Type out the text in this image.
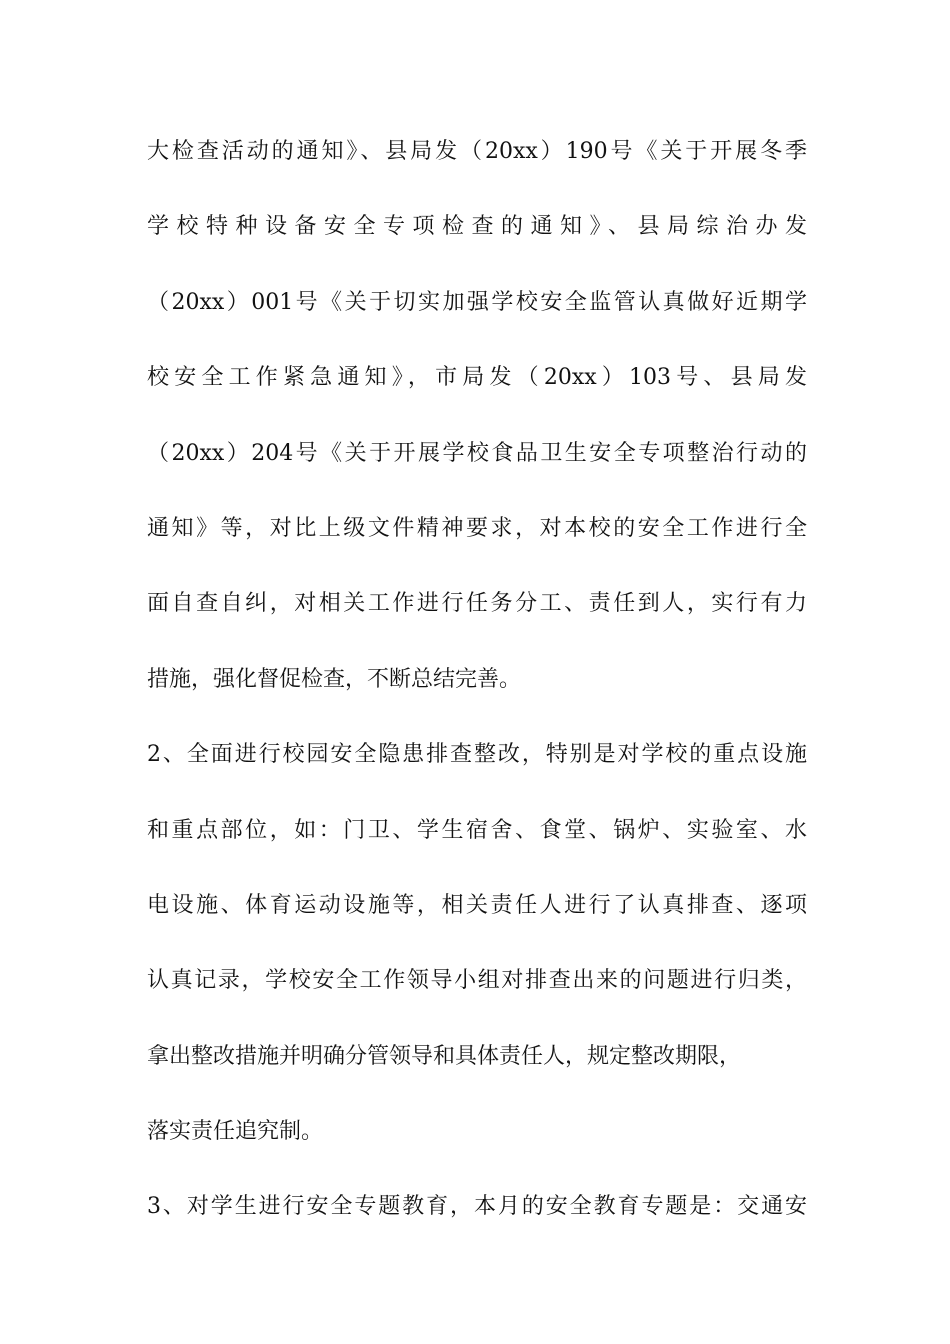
大检查活动的通知》、县局发（20xx）190号《关于开展冬季
学校特种设备安全专项检查的通知》、县局综治办发
（20xx）001号《关于切实加强学校安全监管认真做好近期学
校安全工作紧急通知》，市局发（20xx）103号、县局发
（20xx）204号《关于开展学校食品卫生安全专项整治行动的
通知》等，对比上级文件精神要求，对本校的安全工作进行全
面自查自纠，对相关工作进行任务分工、责任到人，实行有力
措施，强化督促检查，不断总结完善。
2、全面进行校园安全隐患排查整改，特别是对学校的重点设施
和重点部位，如：门卫、学生宿舍、食堂、锅炉、实验室、水
电设施、体育运动设施等，相关责任人进行了认真排查、逐项
认真记录，学校安全工作领导小组对排查出来的问题进行归类，
拿出整改措施并明确分管领导和具体责任人，规定整改期限，
落实责任追究制。
3、对学生进行安全专题教育，本月的安全教育专题是：交通安
